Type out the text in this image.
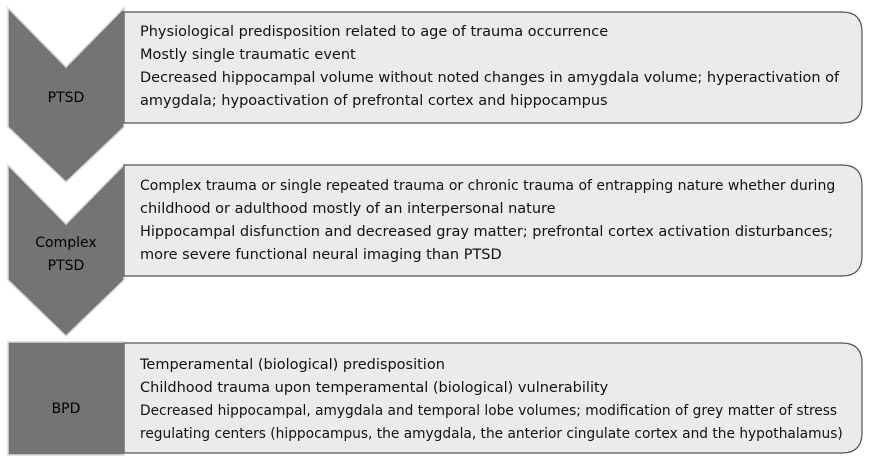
PTSD
Complex
PTSD
BPD
Physiological predisposition related to age of trauma occurrence
Mostly single traumatic event
Decreased hippocampal volume without noted changes in amygdala volume; hyperactivation of
amygdala; hypoactivation of prefrontal cortex and hippocampus
Complex trauma or single repeated trauma or chronic trauma of entrapping nature whether during
childhood or adulthood mostly of an interpersonal nature
Hippocampal disfunction and decreased gray matter; prefrontal cortex activation disturbances;
more severe functional neural imaging than PTSD
Temperamental (biological) predisposition
Childhood trauma upon temperamental (biological) vulnerability
Decreased hippocampal, amygdala and temporal lobe volumes; modification of grey matter of stress
regulating centers (hippocampus, the amygdala, the anterior cingulate cortex and the hypothalamus)
